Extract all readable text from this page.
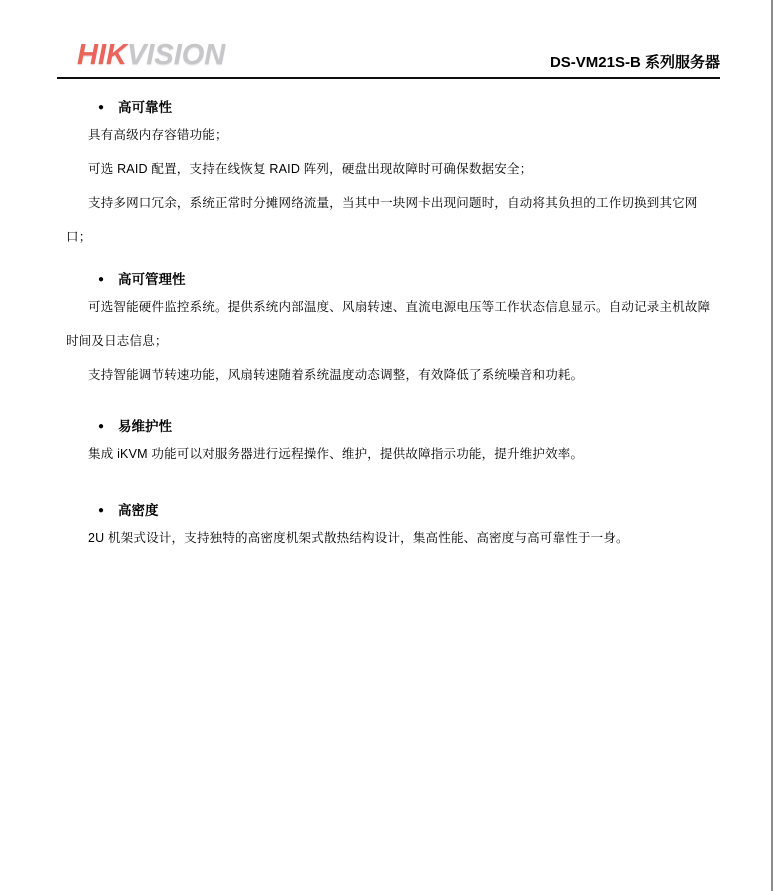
HIKVISION	DS-VM21S-B 系列服务器
● 高可靠性

具有高级内存容错功能；

可选 RAID 配置，支持在线恢复 RAID 阵列，硬盘出现故障时可确保数据安全；

支持多网口冗余，系统正常时分摊网络流量，当其中一块网卡出现问题时，自动将其负担的工作切换到其它网口；

● 高可管理性

可选智能硬件监控系统。提供系统内部温度、风扇转速、直流电源电压等工作状态信息显示。自动记录主机故障时间及日志信息；

支持智能调节转速功能，风扇转速随着系统温度动态调整，有效降低了系统噪音和功耗。

● 易维护性

集成 iKVM 功能可以对服务器进行远程操作、维护，提供故障指示功能，提升维护效率。

● 高密度

2U 机架式设计，支持独特的高密度机架式散热结构设计，集高性能、高密度与高可靠性于一身。
